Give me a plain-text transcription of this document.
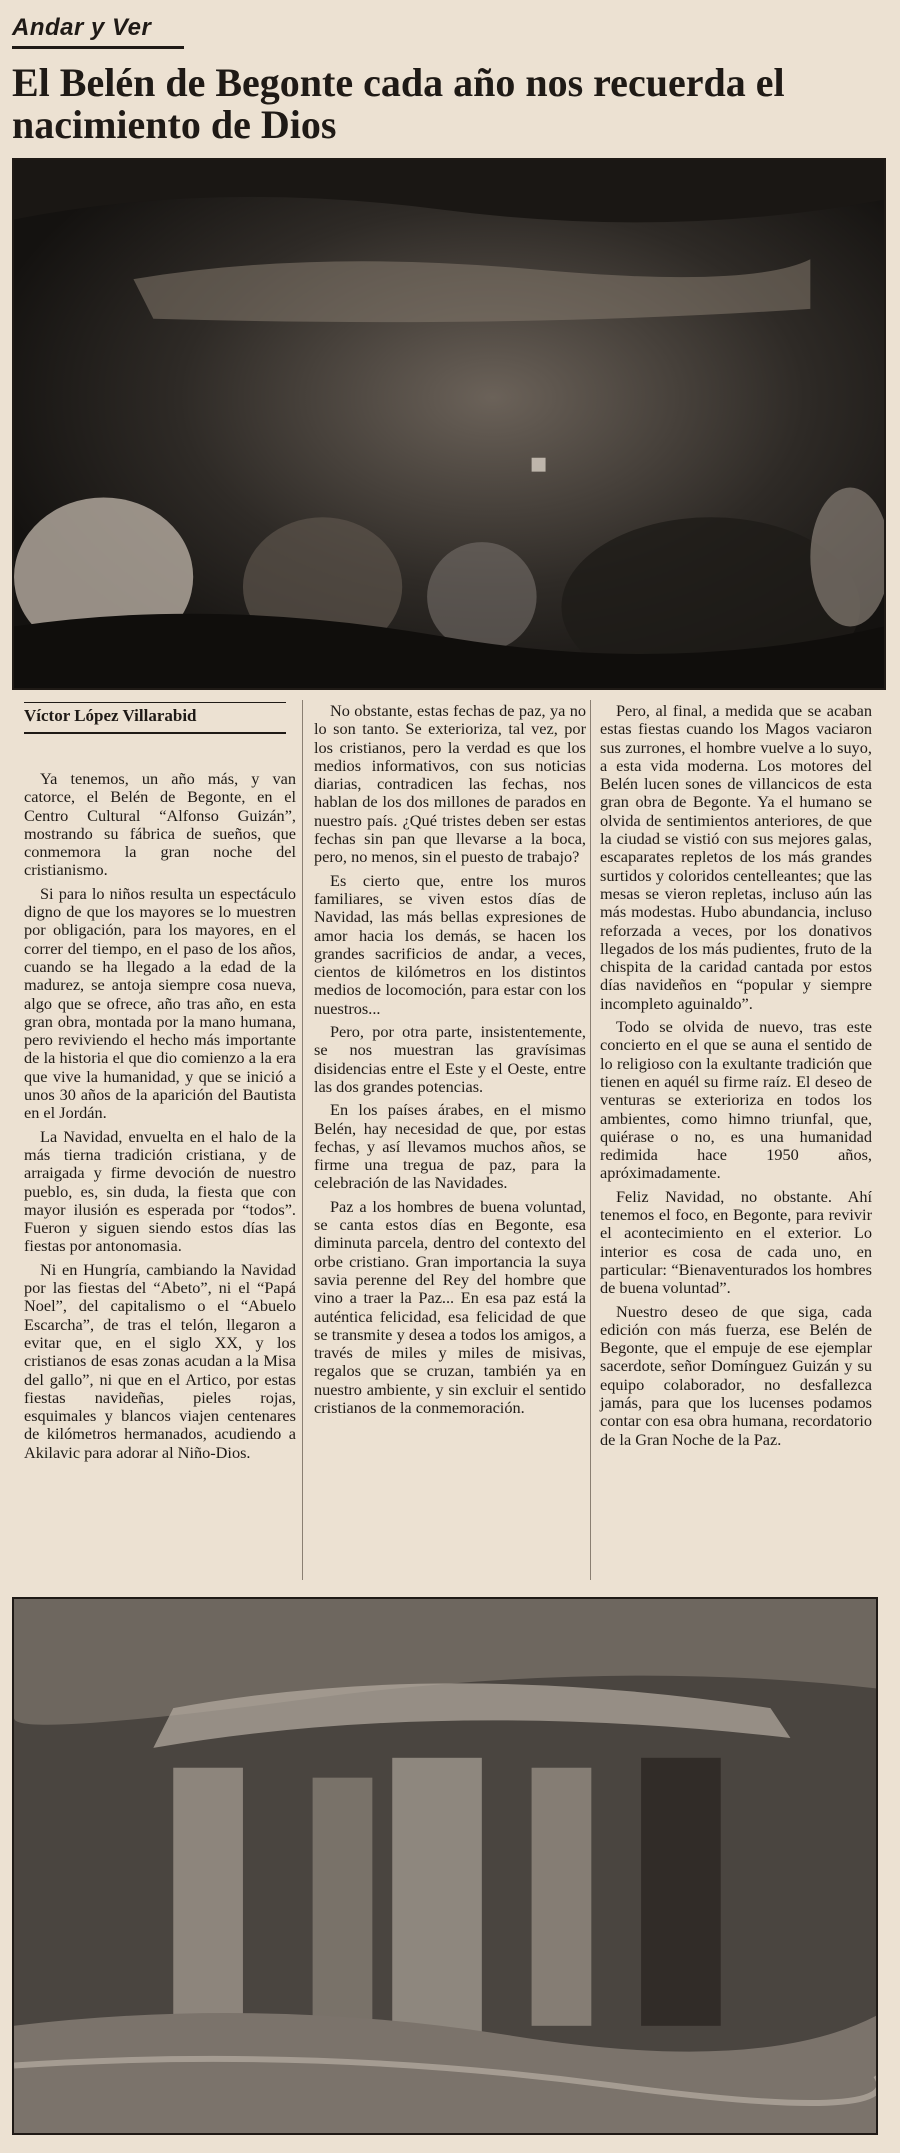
Andar y Ver
El Belén de Begonte cada año nos recuerda el nacimiento de Dios
Víctor López Villarabid

Ya tenemos, un año más, y van catorce, el Belén de Begonte, en el Centro Cultural “Alfonso Guizán”, mostrando su fábrica de sueños, que conmemora la gran noche del cristianismo.

Si para lo niños resulta un espectáculo digno de que los mayores se lo muestren por obligación, para los mayores, en el correr del tiempo, en el paso de los años, cuando se ha llegado a la edad de la madurez, se antoja siempre cosa nueva, algo que se ofrece, año tras año, en esta gran obra, montada por la mano humana, pero reviviendo el hecho más importante de la historia el que dio comienzo a la era que vive la humanidad, y que se inició a unos 30 años de la aparición del Bautista en el Jordán.

La Navidad, envuelta en el halo de la más tierna tradición cristiana, y de arraigada y firme devoción de nuestro pueblo, es, sin duda, la fiesta que con mayor ilusión es esperada por “todos”. Fueron y siguen siendo estos días las fiestas por antonomasia.

Ni en Hungría, cambiando la Navidad por las fiestas del “Abeto”, ni el “Papá Noel”, del capitalismo o el “Abuelo Escarcha”, de tras el telón, llegaron a evitar que, en el siglo XX, y los cristianos de esas zonas acudan a la Misa del gallo”, ni que en el Artico, por estas fiestas navideñas, pieles rojas, esquimales y blancos viajen centenares de kilómetros hermanados, acudiendo a Akilavic para adorar al Niño-Dios.

No obstante, estas fechas de paz, ya no lo son tanto. Se exterioriza, tal vez, por los cristianos, pero la verdad es que los medios informativos, con sus noticias diarias, contradicen las fechas, nos hablan de los dos millones de parados en nuestro país. ¿Qué tristes deben ser estas fechas sin pan que llevarse a la boca, pero, no menos, sin el puesto de trabajo?

Es cierto que, entre los muros familiares, se viven estos días de Navidad, las más bellas expresiones de amor hacia los demás, se hacen los grandes sacrificios de andar, a veces, cientos de kilómetros en los distintos medios de locomoción, para estar con los nuestros...

Pero, por otra parte, insistentemente, se nos muestran las gravísimas disidencias entre el Este y el Oeste, entre las dos grandes potencias.

En los países árabes, en el mismo Belén, hay necesidad de que, por estas fechas, y así llevamos muchos años, se firme una tregua de paz, para la celebración de las Navidades.

Paz a los hombres de buena voluntad, se canta estos días en Begonte, esa diminuta parcela, dentro del contexto del orbe cristiano. Gran importancia la suya savia perenne del Rey del hombre que vino a traer la Paz... En esa paz está la auténtica felicidad, esa felicidad de que se transmite y desea a todos los amigos, a través de miles y miles de misivas, regalos que se cruzan, también ya en nuestro ambiente, y sin excluir el sentido cristianos de la conmemoración.

Pero, al final, a medida que se acaban estas fiestas cuando los Magos vaciaron sus zurrones, el hombre vuelve a lo suyo, a esta vida moderna. Los motores del Belén lucen sones de villancicos de esta gran obra de Begonte. Ya el humano se olvida de sentimientos anteriores, de que la ciudad se vistió con sus mejores galas, escaparates repletos de los más grandes surtidos y coloridos centelleantes; que las mesas se vieron repletas, incluso aún las más modestas. Hubo abundancia, incluso reforzada a veces, por los donativos llegados de los más pudientes, fruto de la chispita de la caridad cantada por estos días navideños en “popular y siempre incompleto aguinaldo”.

Todo se olvida de nuevo, tras este concierto en el que se auna el sentido de lo religioso con la exultante tradición que tienen en aquél su firme raíz. El deseo de venturas se exterioriza en todos los ambientes, como himno triunfal, que, quiérase o no, es una humanidad redimida hace 1950 años, apróximadamente.

Feliz Navidad, no obstante. Ahí tenemos el foco, en Begonte, para revivir el acontecimiento en el exterior. Lo interior es cosa de cada uno, en particular: “Bienaventurados los hombres de buena voluntad”.

Nuestro deseo de que siga, cada edición con más fuerza, ese Belén de Begonte, que el empuje de ese ejemplar sacerdote, señor Domínguez Guizán y su equipo colaborador, no desfallezca jamás, para que los lucenses podamos contar con esa obra humana, recordatorio de la Gran Noche de la Paz.
